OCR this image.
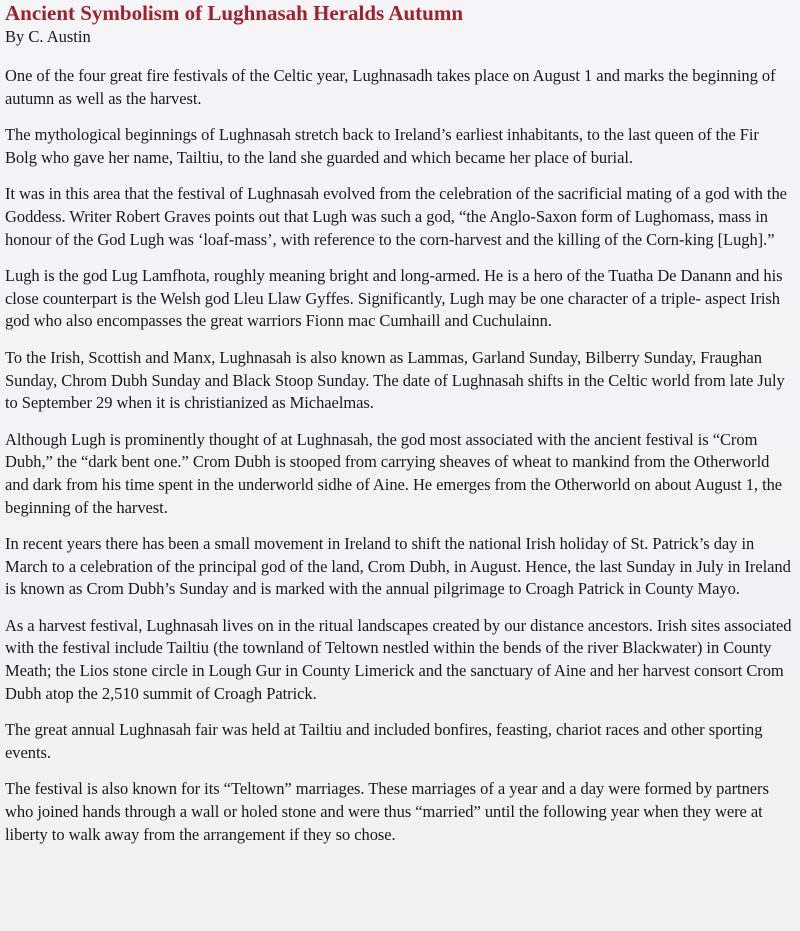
Ancient Symbolism of Lughnasah Heralds Autumn

By C. Austin

One of the four great fire festivals of the Celtic year, Lughnasadh takes place on August 1 and marks the beginning of autumn as well as the harvest.

The mythological beginnings of Lughnasah stretch back to Ireland’s earliest inhabitants, to the last queen of the Fir Bolg who gave her name, Tailtiu, to the land she guarded and which became her place of burial.

It was in this area that the festival of Lughnasah evolved from the celebration of the sacrificial mating of a god with the Goddess. Writer Robert Graves points out that Lugh was such a god, “the Anglo-Saxon form of Lughomass, mass in honour of the God Lugh was ‘loaf-mass’, with reference to the corn-harvest and the killing of the Corn-king [Lugh].”

Lugh is the god Lug Lamfhota, roughly meaning bright and long-armed. He is a hero of the Tuatha De Danann and his close counterpart is the Welsh god Lleu Llaw Gyffes. Significantly, Lugh may be one character of a triple- aspect Irish god who also encompasses the great warriors Fionn mac Cumhaill and Cuchulainn.

To the Irish, Scottish and Manx, Lughnasah is also known as Lammas, Garland Sunday, Bilberry Sunday, Fraughan Sunday, Chrom Dubh Sunday and Black Stoop Sunday. The date of Lughnasah shifts in the Celtic world from late July to September 29 when it is christianized as Michaelmas.

Although Lugh is prominently thought of at Lughnasah, the god most associated with the ancient festival is “Crom Dubh,” the “dark bent one.” Crom Dubh is stooped from carrying sheaves of wheat to mankind from the Otherworld and dark from his time spent in the underworld sidhe of Aine. He emerges from the Otherworld on about August 1, the beginning of the harvest.

In recent years there has been a small movement in Ireland to shift the national Irish holiday of St. Patrick’s day in March to a celebration of the principal god of the land, Crom Dubh, in August. Hence, the last Sunday in July in Ireland is known as Crom Dubh’s Sunday and is marked with the annual pilgrimage to Croagh Patrick in County Mayo.

As a harvest festival, Lughnasah lives on in the ritual landscapes created by our distance ancestors. Irish sites associated with the festival include Tailtiu (the townland of Teltown nestled within the bends of the river Blackwater) in County Meath; the Lios stone circle in Lough Gur in County Limerick and the sanctuary of Aine and her harvest consort Crom Dubh atop the 2,510 summit of Croagh Patrick.

The great annual Lughnasah fair was held at Tailtiu and included bonfires, feasting, chariot races and other sporting events.

The festival is also known for its “Teltown” marriages. These marriages of a year and a day were formed by partners who joined hands through a wall or holed stone and were thus “married” until the following year when they were at liberty to walk away from the arrangement if they so chose.
